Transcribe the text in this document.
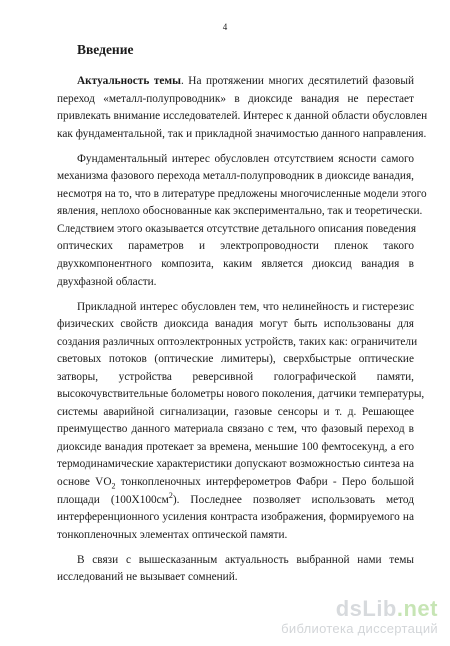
4
Введение
Актуальность темы. На протяжении многих десятилетий фазовый
переход «металл-полупроводник» в диоксиде ванадия не перестает
привлекать внимание исследователей. Интерес к данной области обусловлен
как фундаментальной, так и прикладной значимостью данного направления.
Фундаментальный интерес обусловлен отсутствием ясности самого
механизма фазового перехода металл-полупроводник в диоксиде ванадия,
несмотря на то, что в литературе предложены многочисленные модели этого
явления, неплохо обоснованные как экспериментально, так и теоретически.
Следствием этого оказывается отсутствие детального описания поведения
оптических параметров и электропроводности пленок такого
двухкомпонентного композита, каким является диоксид ванадия в
двухфазной области.
Прикладной интерес обусловлен тем, что нелинейность и гистерезис
физических свойств диоксида ванадия могут быть использованы для
создания различных оптоэлектронных устройств, таких как: ограничители
световых потоков (оптические лимитеры), сверхбыстрые оптические
затворы, устройства реверсивной голографической памяти,
высокочувствительные болометры нового поколения, датчики температуры,
системы аварийной сигнализации, газовые сенсоры и т. д. Решающее
преимущество данного материала связано с тем, что фазовый переход в
диоксиде ванадия протекает за времена, меньшие 100 фемтосекунд, а его
термодинамические характеристики допускают возможностью синтеза на
основе $VO_2$ тонкопленочных интерферометров Фабри - Перо большой
площади $(100Х100см^2)$. Последнее позволяет использовать метод
интерференционного усиления контраста изображения, формируемого на
тонкопленочных элементах оптической памяти.
В связи с вышесказанным актуальность выбранной нами темы
исследований не вызывает сомнений.
dsLib.net
библиотека диссертаций
